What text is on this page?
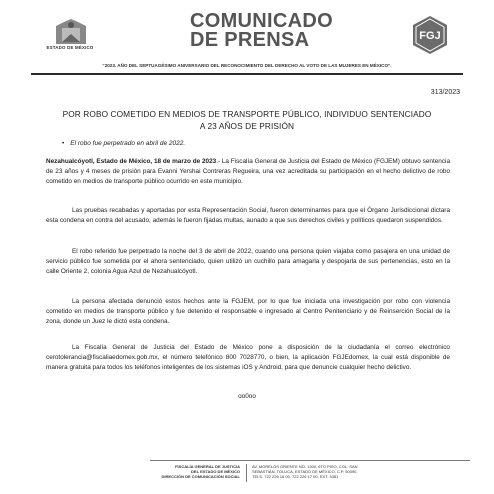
ESTADO DE MÉXICO
COMUNICADO
DE PRENSA	FGJ
“2023. AÑO DEL SEPTUAGÉSIMO ANIVERSARIO DEL RECONOCIMIENTO DEL DERECHO AL VOTO DE LAS MUJERES EN MÉXICO”.
313/2023
POR ROBO COMETIDO EN MEDIOS DE TRANSPORTE PÚBLICO, INDIVIDUO SENTENCIADO
A 23 AÑOS DE PRISIÓN
• El robo fue perpetrado en abril de 2022.
Nezahualcóyotl, Estado de México, 18 de marzo de 2023.- La Fiscalía General de Justicia del Estado de México (FGJEM) obtuvo sentencia de 23 años y 4 meses de prisión para Evanni Yershai Contreras Regueira, una vez acreditada su participación en el hecho delictivo de robo cometido en medios de transporte público ocurrido en este municipio.
Las pruebas recabadas y aportadas por esta Representación Social, fueron determinantes para que el Órgano Jurisdiccional dictara esta condena en contra del acusado, además le fueron fijadas multas, aunado a que sus derechos civiles y políticos quedaron suspendidos.
El robo referido fue perpetrado la noche del 3 de abril de 2022, cuando una persona quien viajaba como pasajera en una unidad de servicio público fue sometida por el ahora sentenciado, quien utilizó un cuchillo para amagarla y despojarla de sus pertenencias, esto en la calle Oriente 2, colonia Agua Azul de Nezahualcóyotl.
La persona afectada denunció estos hechos ante la FGJEM, por lo que fue iniciada una investigación por robo con violencia cometido en medios de transporte público y fue detenido el responsable e ingresado al Centro Penitenciario y de Reinserción Social de la zona, donde un Juez le dictó esta condena.
La Fiscalía General de Justicia del Estado de México pone a disposición de la ciudadanía el correo electrónico cerotolerancia@fiscaliaedomex.gob.mx, el número telefónico 800 7028770, o bien, la aplicación FGJEdomex, la cual está disponible de manera gratuita para todos los teléfonos inteligentes de los sistemas iOS y Android, para que denuncie cualquier hecho delictivo.
oo0oo
FISCALÍA GENERAL DE JUSTICIA
DEL ESTADO DE MÉXICO
DIRECCIÓN DE COMUNICACIÓN SOCIAL
AV. MORELOS ORIENTE NO. 1300, 6TO PISO, COL. SAN
SEBASTIÁN, TOLUCA, ESTADO DE MÉXICO, C.P. 50090.
TELS. 722 226 16 00, 722 226 17 00. EXT. 3381
